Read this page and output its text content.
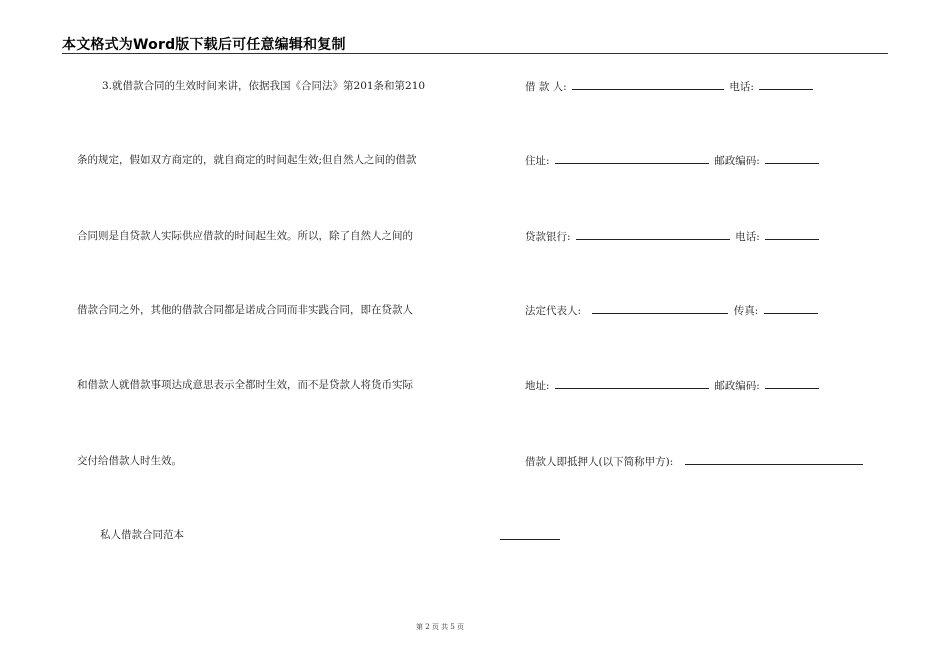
本文格式为Word版下载后可任意编辑和复制
3.就借款合同的生效时间来讲，依据我国《合同法》第201条和第210
条的规定，假如双方商定的，就自商定的时间起生效;但自然人之间的借款
合同则是自贷款人实际供应借款的时间起生效。所以，除了自然人之间的
借款合同之外，其他的借款合同都是诺成合同而非实践合同，即在贷款人
和借款人就借款事项达成意思表示全都时生效，而不是贷款人将货币实际
交付给借款人时生效。
私人借款合同范本
借 款 人:	电话:
住址:	邮政编码:
贷款银行:	电话:
法定代表人:	传真:
地址:	邮政编码:
借款人即抵押人(以下简称甲方):
第 2 页 共 5 页
